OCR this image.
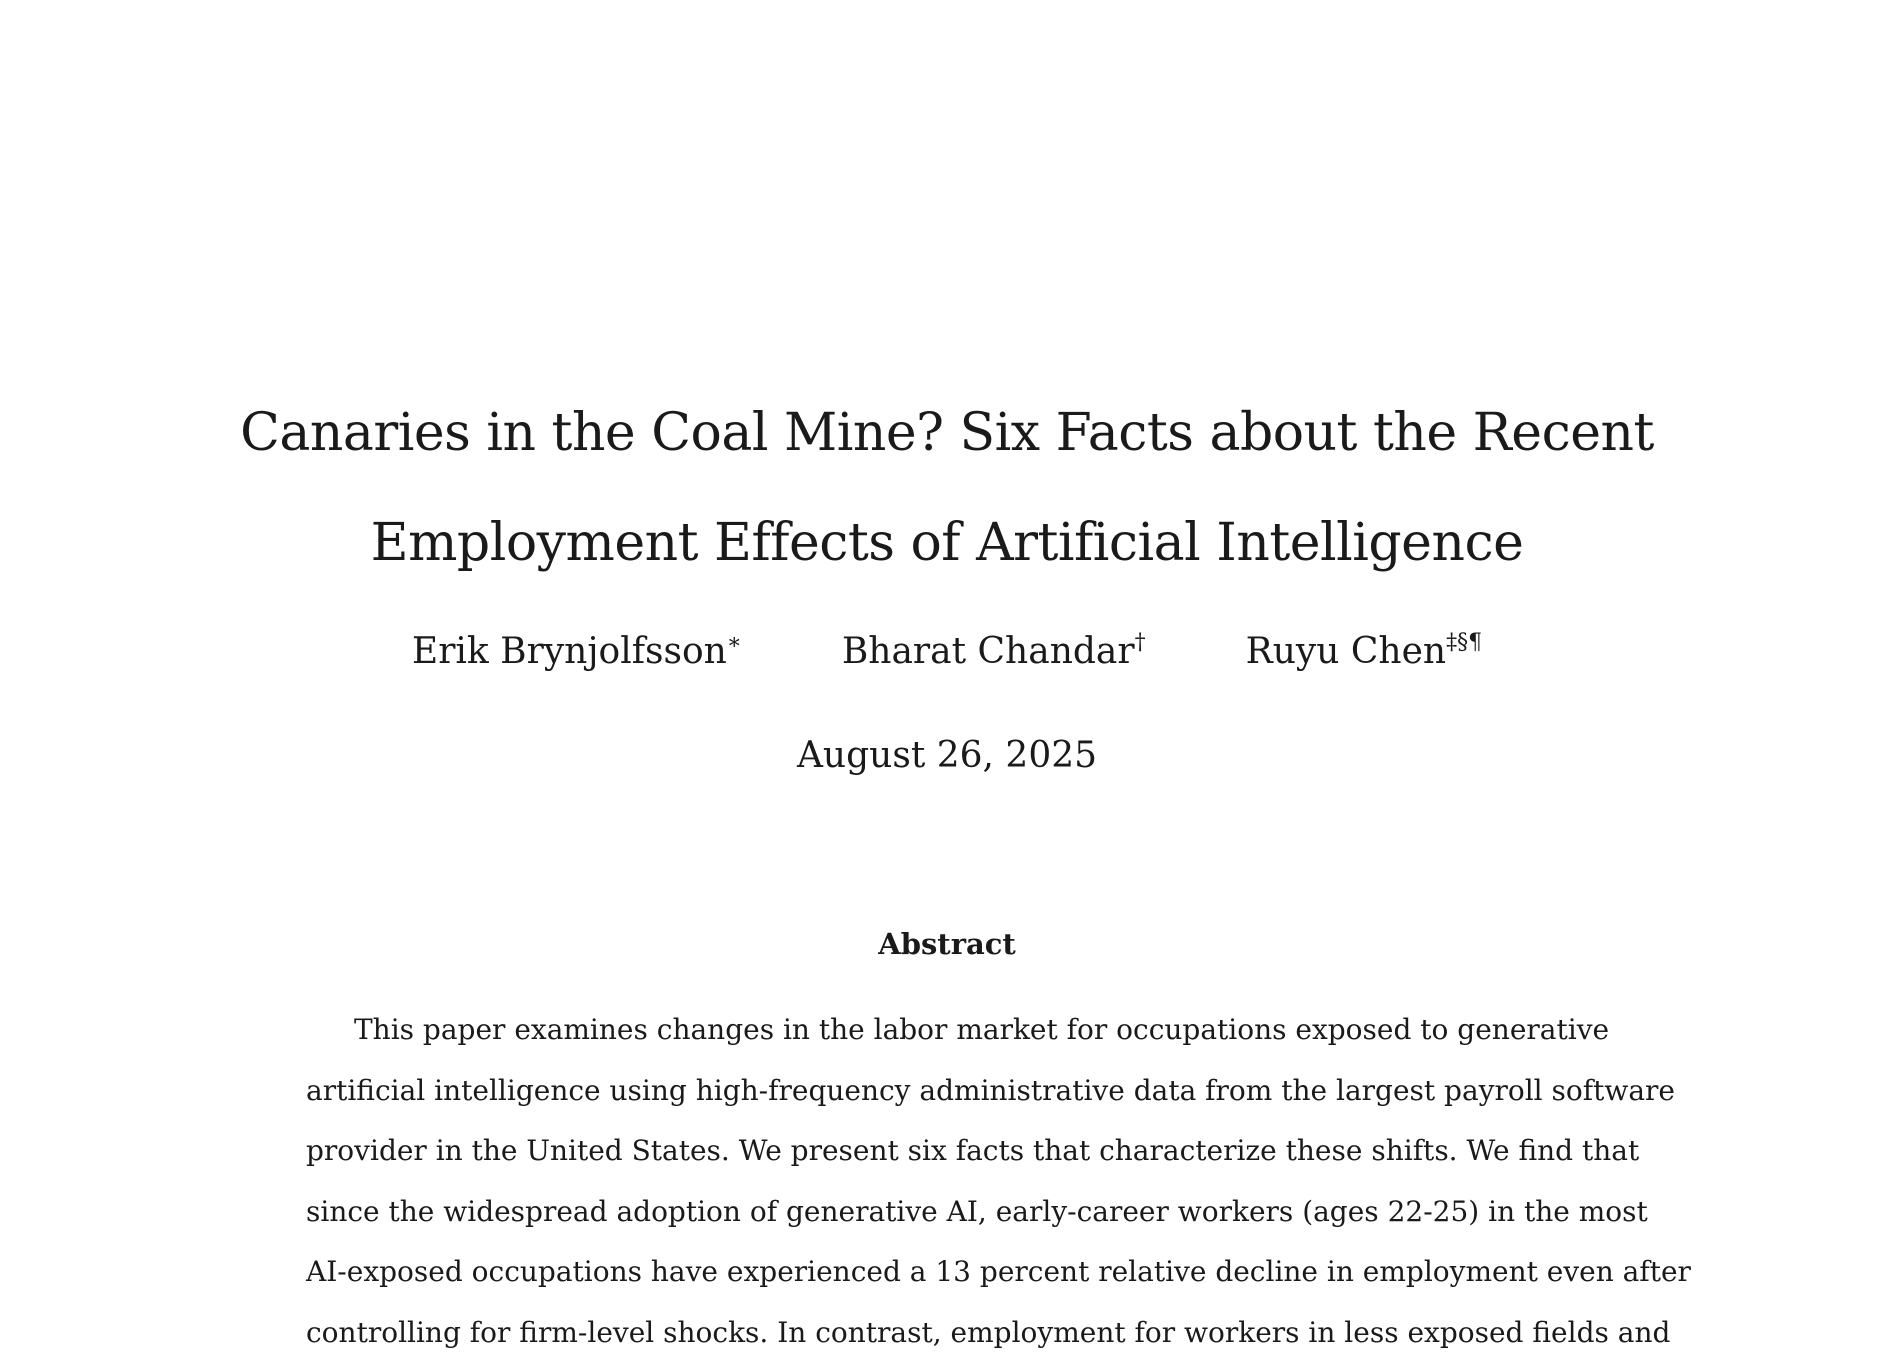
Canaries in the Coal Mine? Six Facts about the Recent
Employment Effects of Artificial Intelligence
Erik Brynjolfsson∗	Bharat Chandar†	Ruyu Chen‡§¶
August 26, 2025
Abstract
This paper examines changes in the labor market for occupations exposed to generative
artificial intelligence using high-frequency administrative data from the largest payroll software
provider in the United States. We present six facts that characterize these shifts. We find that
since the widespread adoption of generative AI, early-career workers (ages 22-25) in the most
AI-exposed occupations have experienced a 13 percent relative decline in employment even after
controlling for firm-level shocks. In contrast, employment for workers in less exposed fields and
